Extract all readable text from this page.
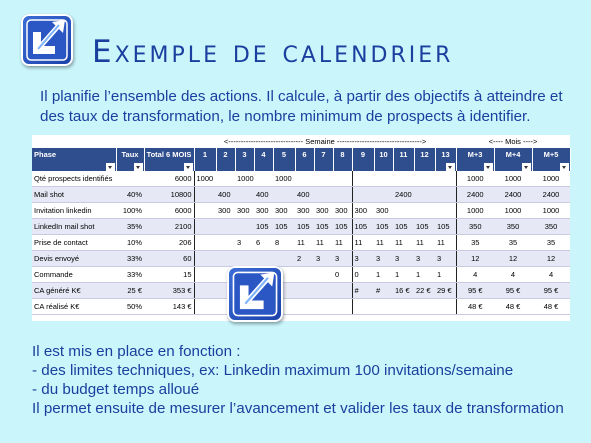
Exemple de calendrier
Il planifie l’ensemble des actions. Il calcule, à partir des objectifs à atteindre et
des taux de transformation, le nombre minimum de prospects à identifier.
			<------------------------------ Semaine ---------------------------------->													<---- Mois ---->		
Phase	Taux	Total 6 MOIS	1	2	3	4	5	6	7	8	9	10	11	12	13	M+3	M+4	M+5

Qté prospects identifiés		6000	1000		1000		1000									1000	1000	1000
Mail shot	40%	10800		400		400		400					2400			2400	2400	2400
Invitation linkedin	100%	6000		300	300	300	300	300	300	300	300	300				1000	1000	1000
LinkedIn mail shot	35%	2100				105	105	105	105	105	105	105	105	105	105	350	350	350
Prise de contact	10%	206			3	6	8	11	11	11	11	11	11	11	11	35	35	35
Devis envoyé	33%	60						2	3	3	3	3	3	3	3	12	12	12
Commande	33%	15								0	0	1	1	1	1	4	4	4
CA généré K€	25 €	353 €									#	#	16 €	22 €	29 €	95 €	95 €	95 €
CA réalisé K€	50%	143 €														48 €	48 €	48 €
Il est mis en place en fonction :
- des limites techniques, ex: Linkedin maximum 100 invitations/semaine
- du budget temps alloué
Il permet ensuite de mesurer l’avancement et valider les taux de transformation
